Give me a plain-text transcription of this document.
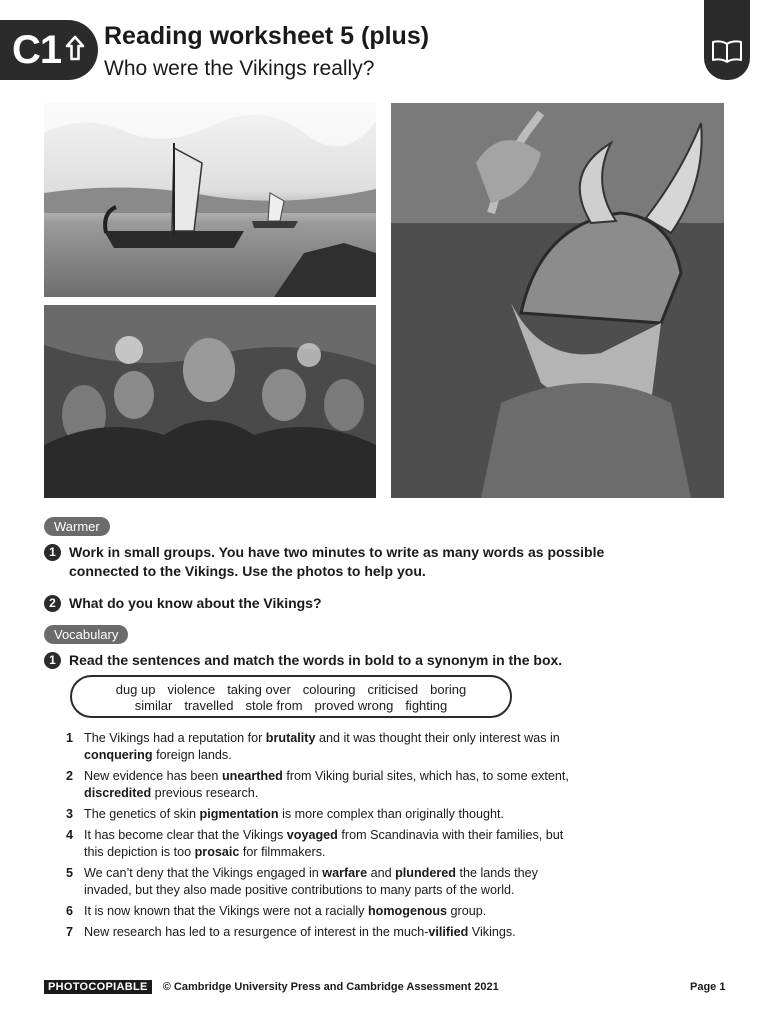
C1 Reading worksheet 5 (plus)
Who were the Vikings really?
Warmer
1 Work in small groups. You have two minutes to write as many words as possible connected to the Vikings. Use the photos to help you.
2 What do you know about the Vikings?
Vocabulary
1 Read the sentences and match the words in bold to a synonym in the box.
dug up violence taking over colouring criticised boring
similar travelled stole from proved wrong fighting
1 The Vikings had a reputation for brutality and it was thought their only interest was in conquering foreign lands.
2 New evidence has been unearthed from Viking burial sites, which has, to some extent, discredited previous research.
3 The genetics of skin pigmentation is more complex than originally thought.
4 It has become clear that the Vikings voyaged from Scandinavia with their families, but this depiction is too prosaic for filmmakers.
5 We can’t deny that the Vikings engaged in warfare and plundered the lands they invaded, but they also made positive contributions to many parts of the world.
6 It is now known that the Vikings were not a racially homogenous group.
7 New research has led to a resurgence of interest in the much-vilified Vikings.
PHOTOCOPIABLE © Cambridge University Press and Cambridge Assessment 2021	Page 1
